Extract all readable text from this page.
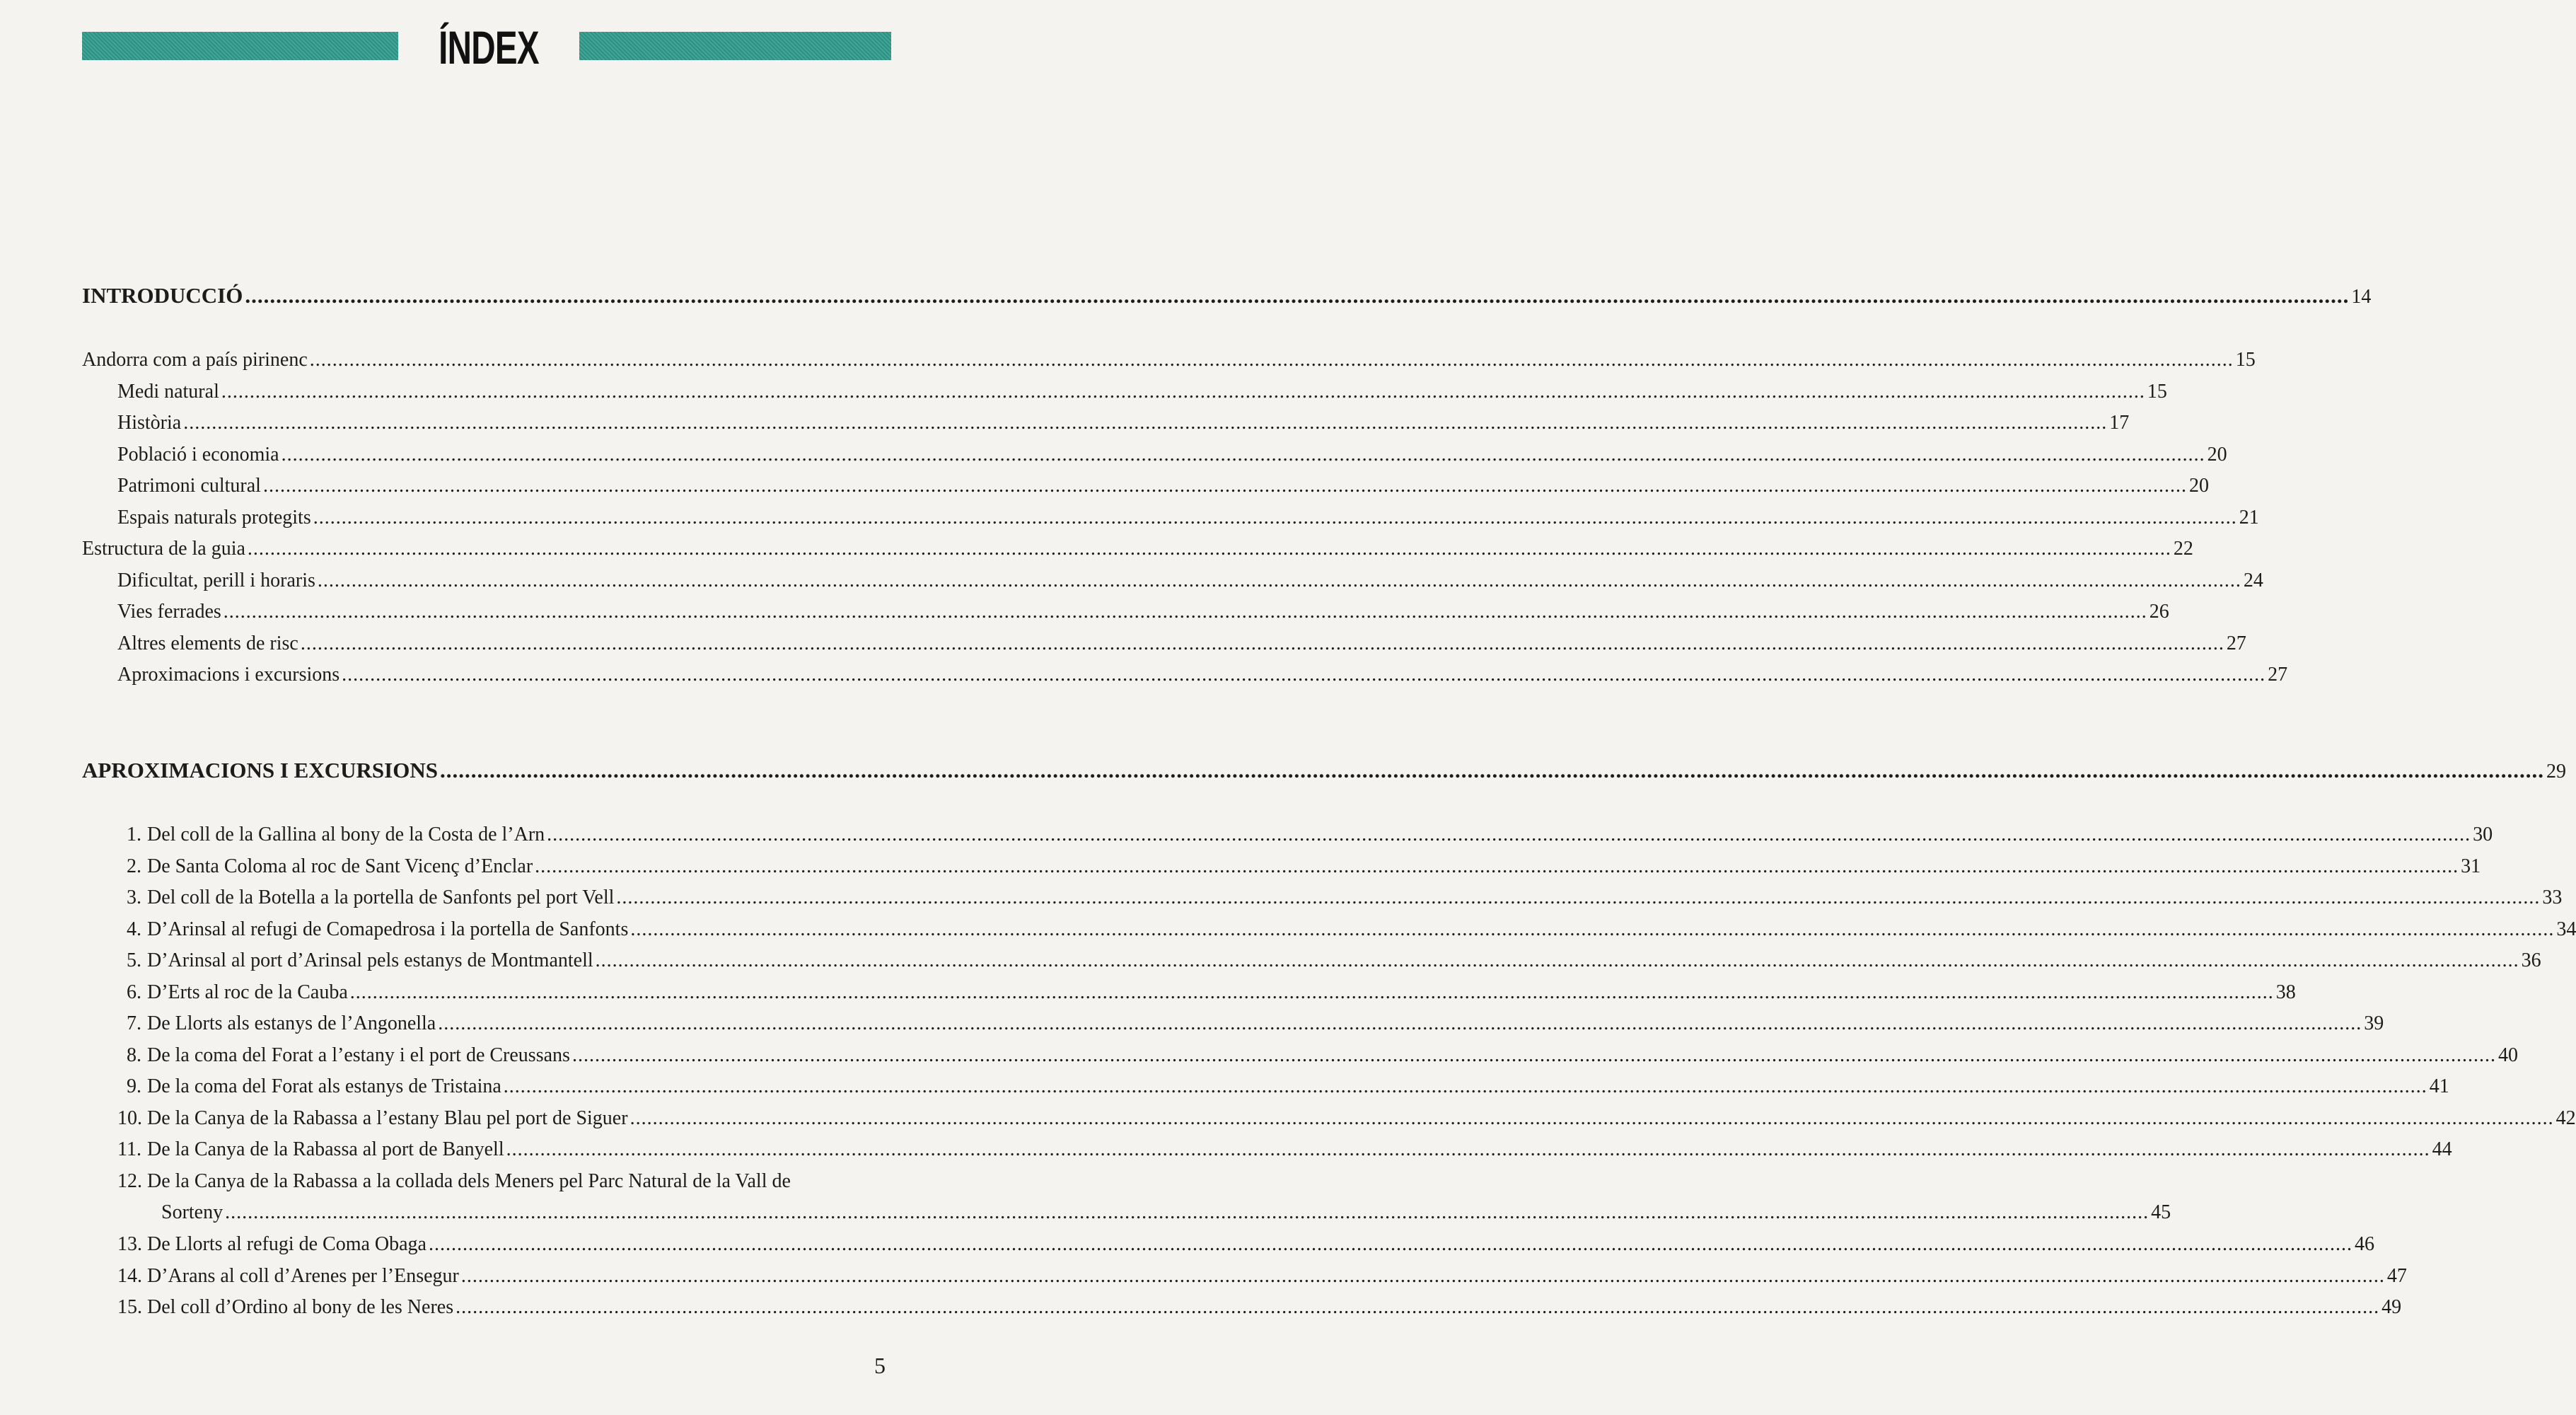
ÍNDEX
INTRODUCCIÓ .................................................................................................................................................................................................................................................................................................................................................... 14
Andorra com a país pirinenc .................................................................................................................................................................................................................................................................................................................................................... 15
Medi natural .................................................................................................................................................................................................................................................................................................................................................... 15
Història .................................................................................................................................................................................................................................................................................................................................................... 17
Població i economia .................................................................................................................................................................................................................................................................................................................................................... 20
Patrimoni cultural .................................................................................................................................................................................................................................................................................................................................................... 20
Espais naturals protegits .................................................................................................................................................................................................................................................................................................................................................... 21
Estructura de la guia .................................................................................................................................................................................................................................................................................................................................................... 22
Dificultat, perill i horaris .................................................................................................................................................................................................................................................................................................................................................... 24
Vies ferrades .................................................................................................................................................................................................................................................................................................................................................... 26
Altres elements de risc .................................................................................................................................................................................................................................................................................................................................................... 27
Aproximacions i excursions .................................................................................................................................................................................................................................................................................................................................................... 27
APROXIMACIONS I EXCURSIONS .................................................................................................................................................................................................................................................................................................................................................... 29
1. Del coll de la Gallina al bony de la Costa de l’Arn .................................................................................................................................................................................................................................................................................................................................................... 30
2. De Santa Coloma al roc de Sant Vicenç d’Enclar .................................................................................................................................................................................................................................................................................................................................................... 31
3. Del coll de la Botella a la portella de Sanfonts pel port Vell .................................................................................................................................................................................................................................................................................................................................................... 33
4. D’Arinsal al refugi de Comapedrosa i la portella de Sanfonts .................................................................................................................................................................................................................................................................................................................................................... 34
5. D’Arinsal al port d’Arinsal pels estanys de Montmantell .................................................................................................................................................................................................................................................................................................................................................... 36
6. D’Erts al roc de la Cauba .................................................................................................................................................................................................................................................................................................................................................... 38
7. De Llorts als estanys de l’Angonella .................................................................................................................................................................................................................................................................................................................................................... 39
8. De la coma del Forat a l’estany i el port de Creussans .................................................................................................................................................................................................................................................................................................................................................... 40
9. De la coma del Forat als estanys de Tristaina .................................................................................................................................................................................................................................................................................................................................................... 41
10. De la Canya de la Rabassa a l’estany Blau pel port de Siguer .................................................................................................................................................................................................................................................................................................................................................... 42
11. De la Canya de la Rabassa al port de Banyell .................................................................................................................................................................................................................................................................................................................................................... 44
12. De la Canya de la Rabassa a la collada dels Meners pel Parc Natural de la Vall de
Sorteny .................................................................................................................................................................................................................................................................................................................................................... 45
13. De Llorts al refugi de Coma Obaga .................................................................................................................................................................................................................................................................................................................................................... 46
14. D’Arans al coll d’Arenes per l’Ensegur .................................................................................................................................................................................................................................................................................................................................................... 47
15. Del coll d’Ordino al bony de les Neres .................................................................................................................................................................................................................................................................................................................................................... 49
5
